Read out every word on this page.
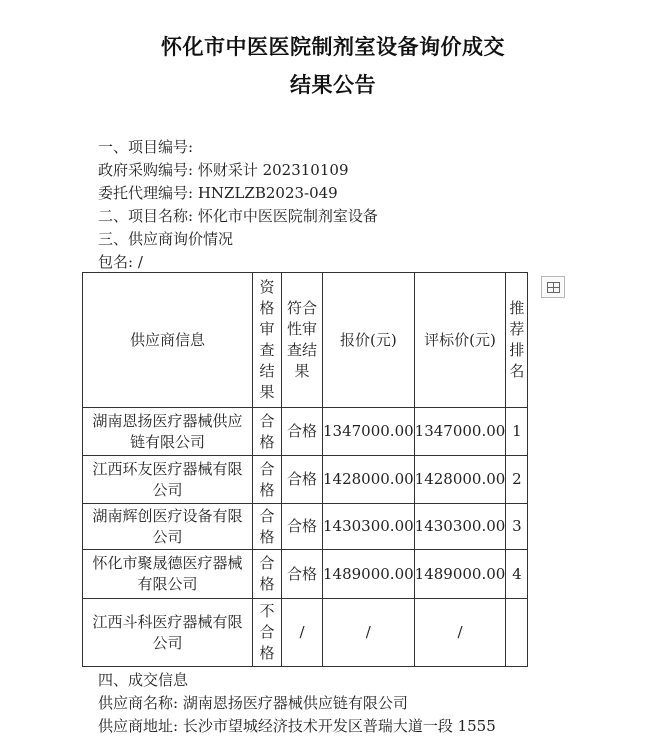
怀化市中医医院制剂室设备询价成交
结果公告
一、项目编号:
政府采购编号: 怀财采计 202310109
委托代理编号: HNZLZB2023-049
二、项目名称: 怀化市中医医院制剂室设备
三、供应商询价情况
包名: /
供应商信息	资格审查结果	符合性审查结果	报价(元)	评标价(元)	推荐排名
湖南恩扬医疗器械供应链有限公司	合格	合格	1347000.00	1347000.00	1
江西环友医疗器械有限公司	合格	合格	1428000.00	1428000.00	2
湖南辉创医疗设备有限公司	合格	合格	1430300.00	1430300.00	3
怀化市聚晟德医疗器械有限公司	合格	合格	1489000.00	1489000.00	4
江西斗科医疗器械有限公司	不合格	/	/	/	
四、成交信息
供应商名称: 湖南恩扬医疗器械供应链有限公司
供应商地址: 长沙市望城经济技术开发区普瑞大道一段 1555
